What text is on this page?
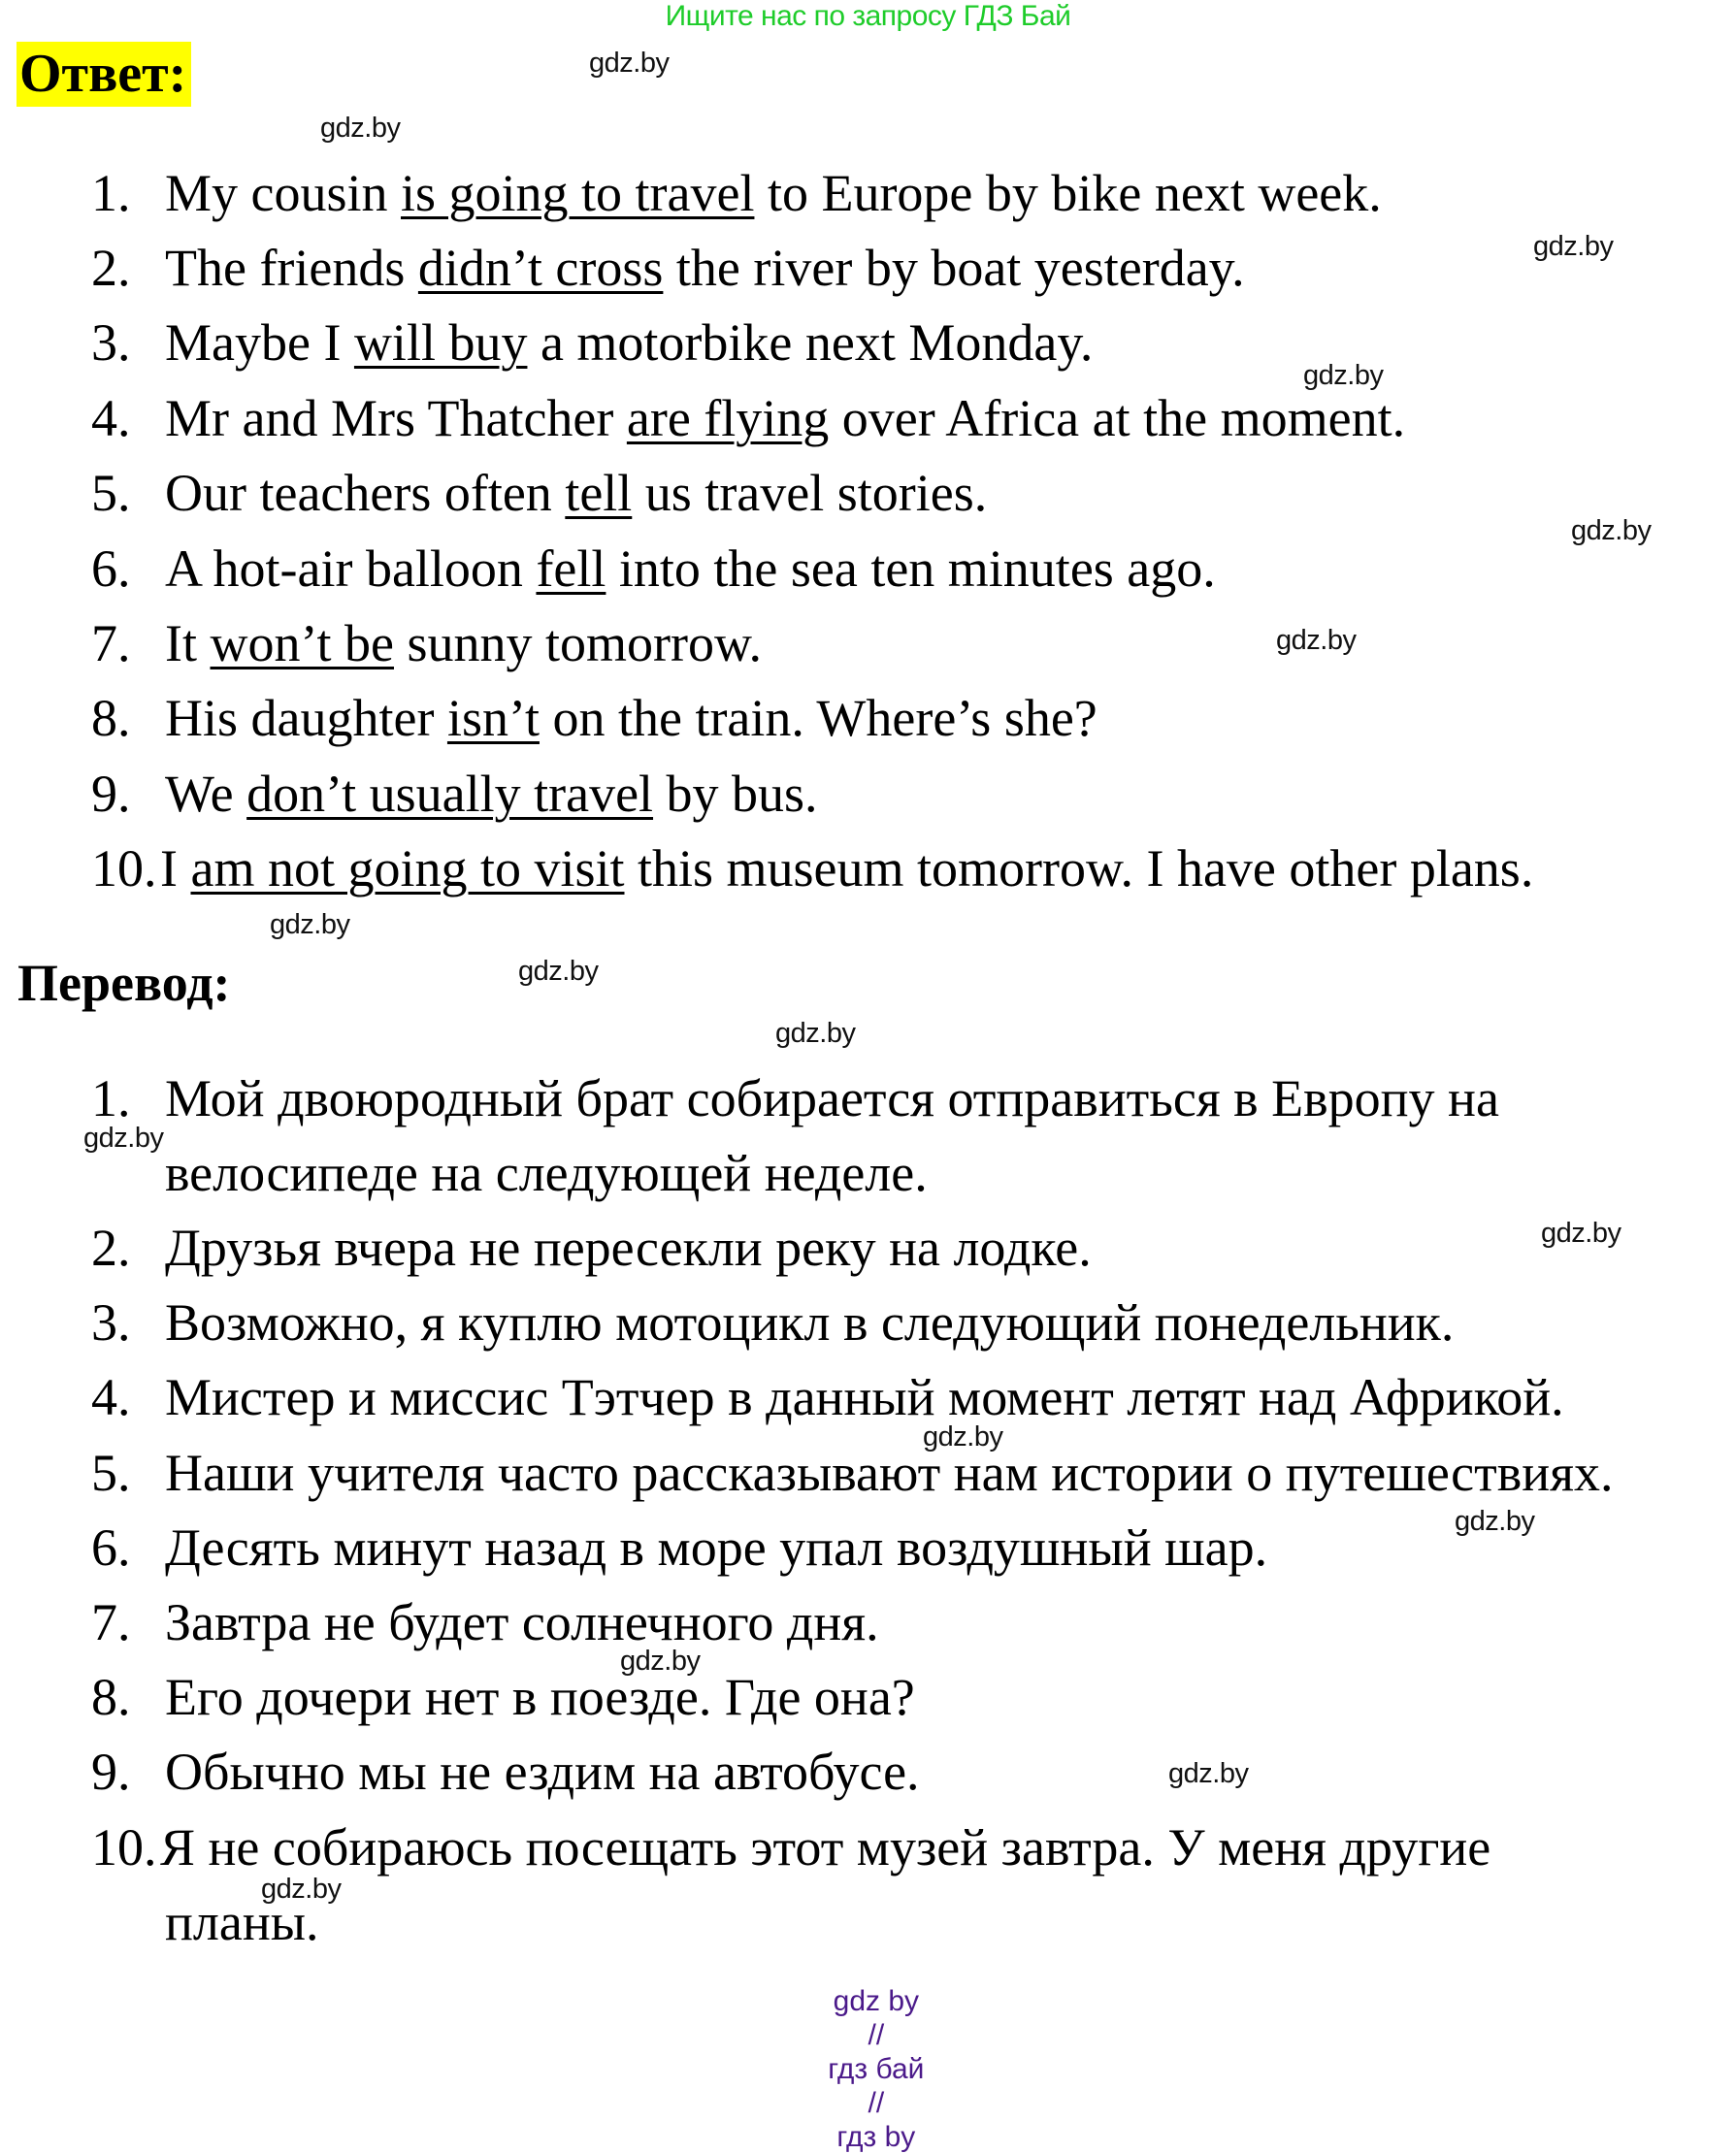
Ищите нас по запросу ГДЗ Бай
Ответ:
1. My cousin is going to travel to Europe by bike next week.
2. The friends didn’t cross the river by boat yesterday.
3. Maybe I will buy a motorbike next Monday.
4. Mr and Mrs Thatcher are flying over Africa at the moment.
5. Our teachers often tell us travel stories.
6. A hot-air balloon fell into the sea ten minutes ago.
7. It won’t be sunny tomorrow.
8. His daughter isn’t on the train. Where’s she?
9. We don’t usually travel by bus.
10. I am not going to visit this museum tomorrow. I have other plans.
Перевод:
1. Мой двоюродный брат собирается отправиться в Европу на
велосипеде на следующей неделе.
2. Друзья вчера не пересекли реку на лодке.
3. Возможно, я куплю мотоцикл в следующий понедельник.
4. Мистер и миссис Тэтчер в данный момент летят над Африкой.
5. Наши учителя часто рассказывают нам истории о путешествиях.
6. Десять минут назад в море упал воздушный шар.
7. Завтра не будет солнечного дня.
8. Его дочери нет в поезде. Где она?
9. Обычно мы не ездим на автобусе.
10. Я не собираюсь посещать этот музей завтра. У меня другие
планы.
gdz.by
gdz.by
gdz.by
gdz.by
gdz.by
gdz.by
gdz.by
gdz.by
gdz.by
gdz.by
gdz.by
gdz.by
gdz.by
gdz.by
gdz.by
gdz.by

gdz by
//
гдз бай
//
гдз by
